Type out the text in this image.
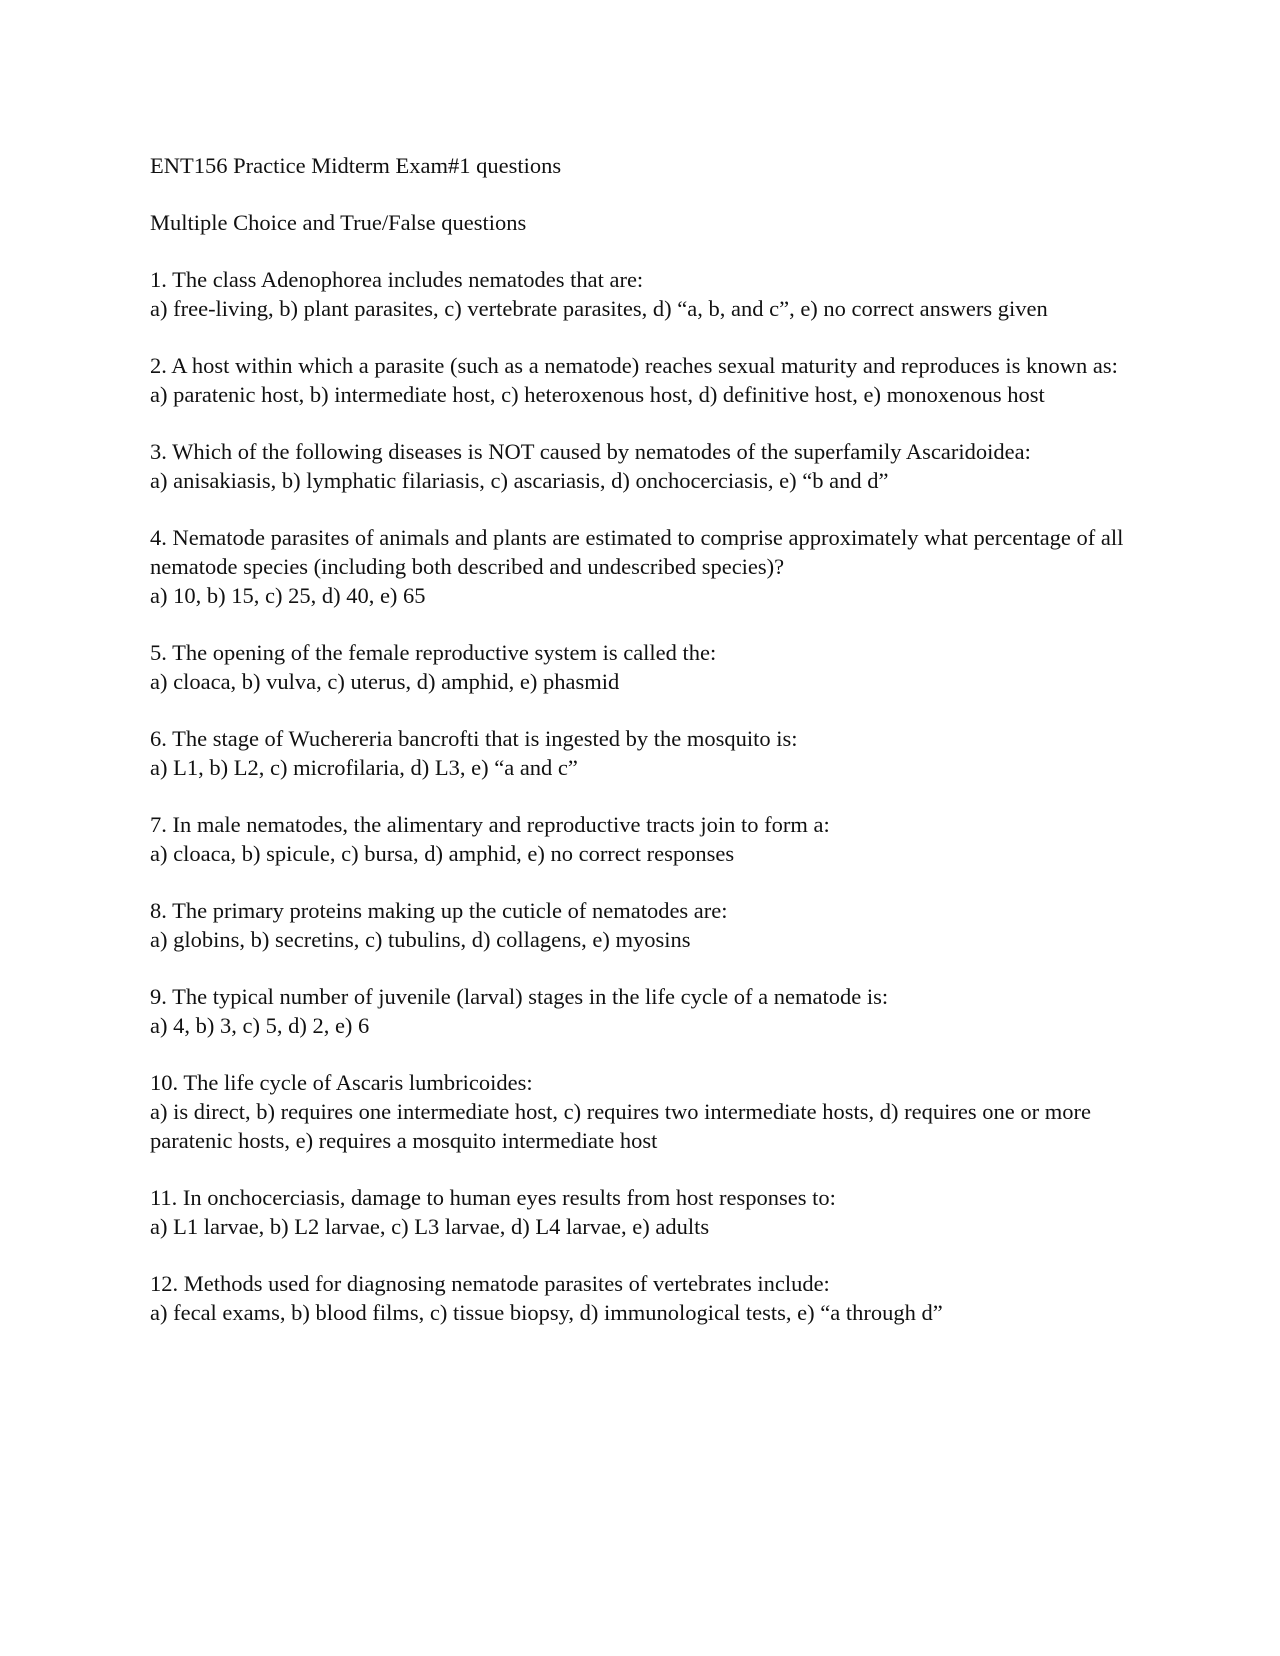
ENT156 Practice Midterm Exam#1 questions
Multiple Choice and True/False questions

1. The class Adenophorea includes nematodes that are:

a) free-living, b) plant parasites, c) vertebrate parasites, d) “a, b, and c”, e) no correct answers given

2. A host within which a parasite (such as a nematode) reaches sexual maturity and reproduces is known as:

a) paratenic host, b) intermediate host, c) heteroxenous host, d) definitive host, e) monoxenous host

3. Which of the following diseases is NOT caused by nematodes of the superfamily Ascaridoidea:

a) anisakiasis, b) lymphatic filariasis, c) ascariasis, d) onchocerciasis, e) “b and d”

4. Nematode parasites of animals and plants are estimated to comprise approximately what percentage of all nematode species (including both described and undescribed species)?

a) 10, b) 15, c) 25, d) 40, e) 65

5. The opening of the female reproductive system is called the:

a) cloaca, b) vulva, c) uterus, d) amphid, e) phasmid

6. The stage of Wuchereria bancrofti that is ingested by the mosquito is:

a) L1, b) L2, c) microfilaria, d) L3, e) “a and c”

7. In male nematodes, the alimentary and reproductive tracts join to form a:

a) cloaca, b) spicule, c) bursa, d) amphid, e) no correct responses

8. The primary proteins making up the cuticle of nematodes are:

a) globins, b) secretins, c) tubulins, d) collagens, e) myosins

9. The typical number of juvenile (larval) stages in the life cycle of a nematode is:

a) 4, b) 3, c) 5, d) 2, e) 6

10. The life cycle of Ascaris lumbricoides:

a) is direct, b) requires one intermediate host, c) requires two intermediate hosts, d) requires one or more paratenic hosts, e) requires a mosquito intermediate host

11. In onchocerciasis, damage to human eyes results from host responses to:

a) L1 larvae, b) L2 larvae, c) L3 larvae, d) L4 larvae, e) adults

12. Methods used for diagnosing nematode parasites of vertebrates include:

a) fecal exams, b) blood films, c) tissue biopsy, d) immunological tests, e) “a through d”
